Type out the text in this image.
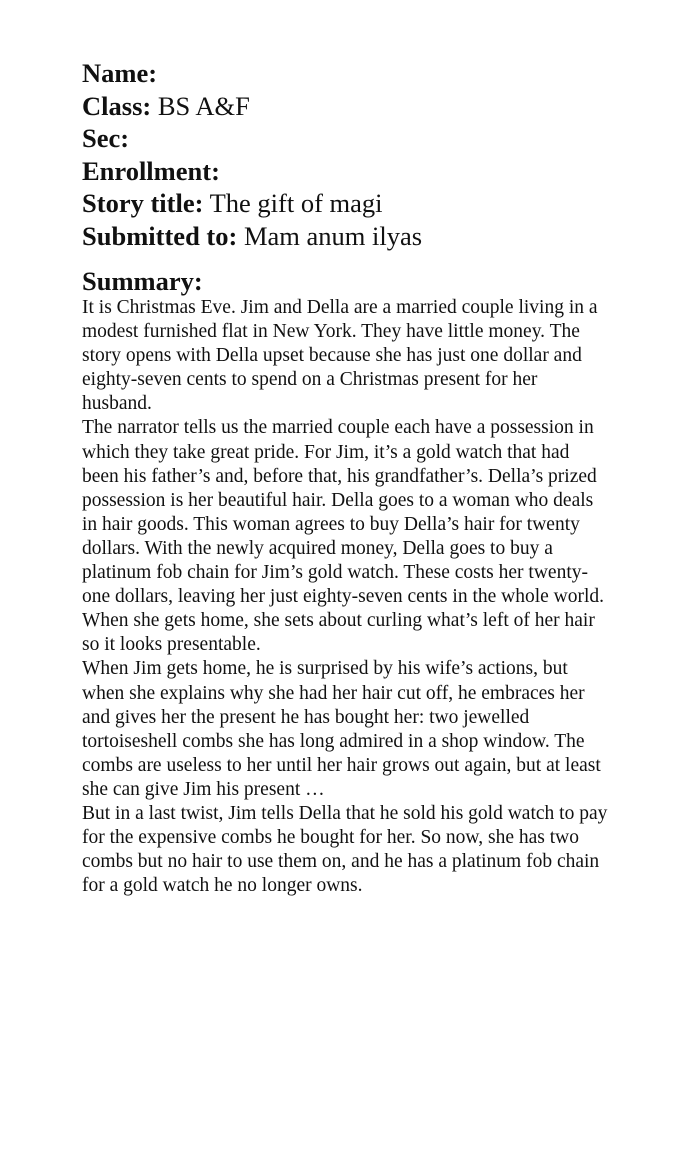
Name:
Class: BS A&F
Sec:
Enrollment:
Story title: The gift of magi
Submitted to: Mam anum ilyas
Summary:

It is Christmas Eve. Jim and Della are a married couple living in a modest furnished flat in New York. They have little money. The story opens with Della upset because she has just one dollar and eighty-seven cents to spend on a Christmas present for her husband.

The narrator tells us the married couple each have a possession in which they take great pride. For Jim, it’s a gold watch that had been his father’s and, before that, his grandfather’s. Della’s prized possession is her beautiful hair. Della goes to a woman who deals in hair goods. This woman agrees to buy Della’s hair for twenty dollars. With the newly acquired money, Della goes to buy a platinum fob chain for Jim’s gold watch. These costs her twenty-one dollars, leaving her just eighty-seven cents in the whole world. When she gets home, she sets about curling what’s left of her hair so it looks presentable.

When Jim gets home, he is surprised by his wife’s actions, but when she explains why she had her hair cut off, he embraces her and gives her the present he has bought her: two jewelled tortoiseshell combs she has long admired in a shop window. The combs are useless to her until her hair grows out again, but at least she can give Jim his present …

But in a last twist, Jim tells Della that he sold his gold watch to pay for the expensive combs he bought for her. So now, she has two combs but no hair to use them on, and he has a platinum fob chain for a gold watch he no longer owns.
